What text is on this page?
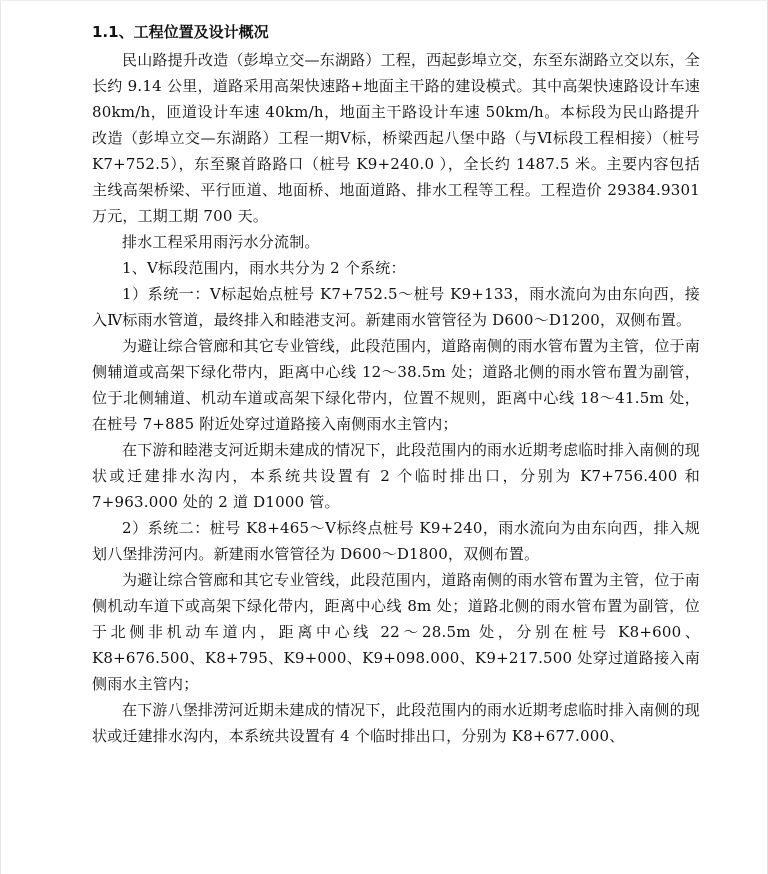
1.1、工程位置及设计概况

民山路提升改造（彭埠立交—东湖路）工程，西起彭埠立交，东至东湖路立交以东，全长约 9.14 公里，道路采用高架快速路+地面主干路的建设模式。其中高架快速路设计车速 80km/h，匝道设计车速 40km/h，地面主干路设计车速 50km/h。本标段为民山路提升改造（彭埠立交—东湖路）工程一期Ⅴ标，桥梁西起八堡中路（与Ⅵ标段工程相接）（桩号 K7+752.5），东至聚首路路口（桩号 K9+240.0 ），全长约 1487.5 米。主要内容包括主线高架桥梁、平行匝道、地面桥、地面道路、排水工程等工程。工程造价 29384.9301 万元，工期工期 700 天。

排水工程采用雨污水分流制。

1、Ⅴ标段范围内，雨水共分为 2 个系统：

1）系统一：Ⅴ标起始点桩号 K7+752.5～桩号 K9+133，雨水流向为由东向西，接入Ⅳ标雨水管道，最终排入和睦港支河。新建雨水管管径为 D600～D1200，双侧布置。

为避让综合管廊和其它专业管线，此段范围内，道路南侧的雨水管布置为主管，位于南侧辅道或高架下绿化带内，距离中心线 12～38.5m 处；道路北侧的雨水管布置为副管，位于北侧辅道、机动车道或高架下绿化带内，位置不规则，距离中心线 18～41.5m 处，在桩号 7+885 附近处穿过道路接入南侧雨水主管内；

在下游和睦港支河近期未建成的情况下，此段范围内的雨水近期考虑临时排入南侧的现状或迁建排水沟内，本系统共设置有 2 个临时排出口，分别为 K7+756.400 和 7+963.000 处的 2 道 D1000 管。

2）系统二：桩号 K8+465～Ⅴ标终点桩号 K9+240，雨水流向为由东向西，排入规划八堡排涝河内。新建雨水管管径为 D600～D1800，双侧布置。

为避让综合管廊和其它专业管线，此段范围内，道路南侧的雨水管布置为主管，位于南侧机动车道下或高架下绿化带内，距离中心线 8m 处；道路北侧的雨水管布置为副管，位于北侧非机动车道内，距离中心线 22～28.5m 处，分别在桩号 K8+600、K8+676.500、K8+795、K9+000、K9+098.000、K9+217.500 处穿过道路接入南侧雨水主管内；

在下游八堡排涝河近期未建成的情况下，此段范围内的雨水近期考虑临时排入南侧的现状或迁建排水沟内，本系统共设置有 4 个临时排出口，分别为 K8+677.000、
